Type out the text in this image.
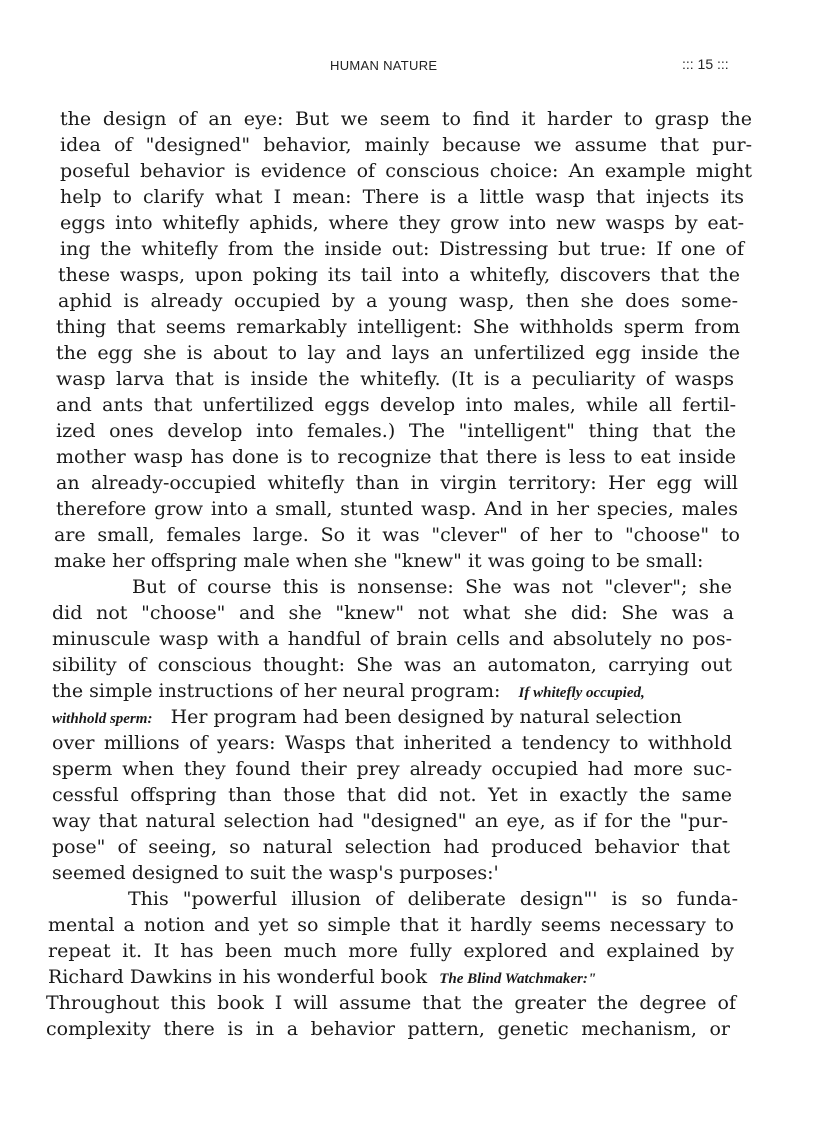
HUMAN NATURE	::: 15 :::
the design of an eye: But we seem to find it harder to grasp the
idea of "designed" behavior, mainly because we assume that pur-
poseful behavior is evidence of conscious choice: An example might
help to clarify what I mean: There is a little wasp that injects its
eggs into whitefly aphids, where they grow into new wasps by eat-
ing the whitefly from the inside out: Distressing but true: If one of
these wasps, upon poking its tail into a whitefly, discovers that the
aphid is already occupied by a young wasp, then she does some-
thing that seems remarkably intelligent: She withholds sperm from
the egg she is about to lay and lays an unfertilized egg inside the
wasp larva that is inside the whitefly. (It is a peculiarity of wasps
and ants that unfertilized eggs develop into males, while all fertil-
ized ones develop into females.) The "intelligent" thing that the
mother wasp has done is to recognize that there is less to eat inside
an already-occupied whitefly than in virgin territory: Her egg will
therefore grow into a small, stunted wasp. And in her species, males
are small, females large. So it was "clever" of her to "choose" to
make her offspring male when she "knew" it was going to be small:
But of course this is nonsense: She was not "clever"; she
did not "choose" and she "knew" not what she did: She was a
minuscule wasp with a handful of brain cells and absolutely no pos-
sibility of conscious thought: She was an automaton, carrying out
the simple instructions of her neural program: If whitefly occupied,
withhold sperm: Her program had been designed by natural selection
over millions of years: Wasps that inherited a tendency to withhold
sperm when they found their prey already occupied had more suc-
cessful offspring than those that did not. Yet in exactly the same
way that natural selection had "designed" an eye, as if for the "pur-
pose" of seeing, so natural selection had produced behavior that
seemed designed to suit the wasp's purposes:'
This "powerful illusion of deliberate design"' is so funda-
mental a notion and yet so simple that it hardly seems necessary to
repeat it. It has been much more fully explored and explained by
Richard Dawkins in his wonderful book The Blind Watchmaker:"
Throughout this book I will assume that the greater the degree of
complexity there is in a behavior pattern, genetic mechanism, or
